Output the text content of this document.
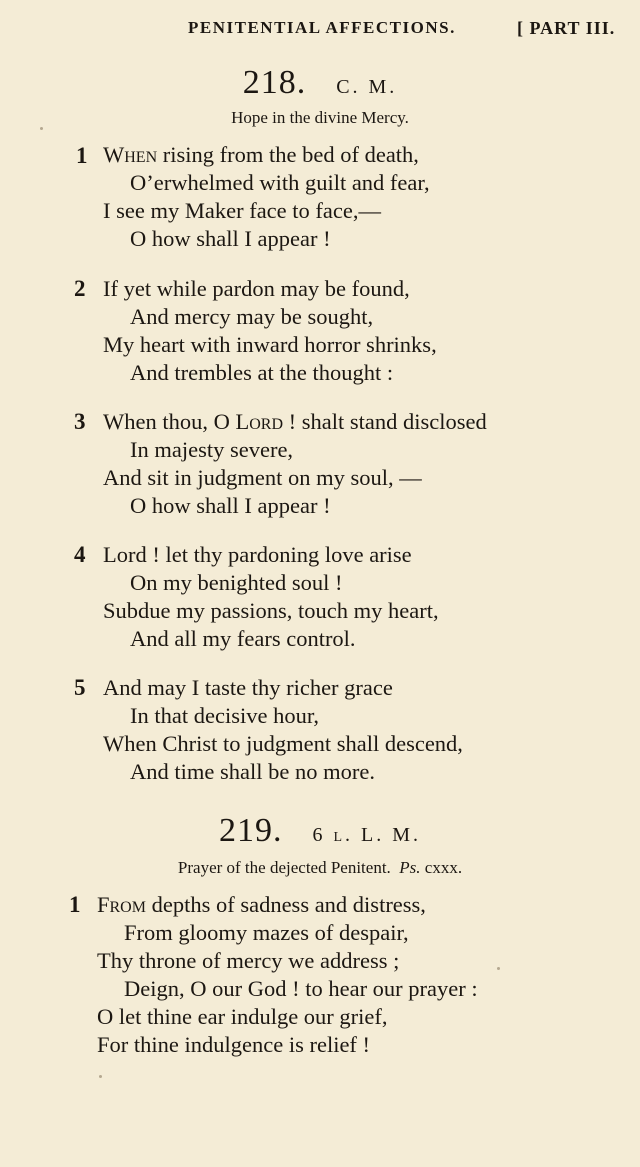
PENITENTIAL AFFECTIONS.	[ PART III.
218. C. M.
Hope in the divine Mercy.
1 When rising from the bed of death,
O’erwhelmed with guilt and fear,
I see my Maker face to face,—
O how shall I appear !
2 If yet while pardon may be found,
And mercy may be sought,
My heart with inward horror shrinks,
And trembles at the thought :
3 When thou, O Lord ! shalt stand disclosed
In majesty severe,
And sit in judgment on my soul, —
O how shall I appear !
4 Lord ! let thy pardoning love arise
On my benighted soul !
Subdue my passions, touch my heart,
And all my fears control.
5 And may I taste thy richer grace
In that decisive hour,
When Christ to judgment shall descend,
And time shall be no more.
219. 6 l. L. M.
Prayer of the dejected Penitent. Ps. cxxx.
1 From depths of sadness and distress,
From gloomy mazes of despair,
Thy throne of mercy we address ;
Deign, O our God ! to hear our prayer :
O let thine ear indulge our grief,
For thine indulgence is relief !
